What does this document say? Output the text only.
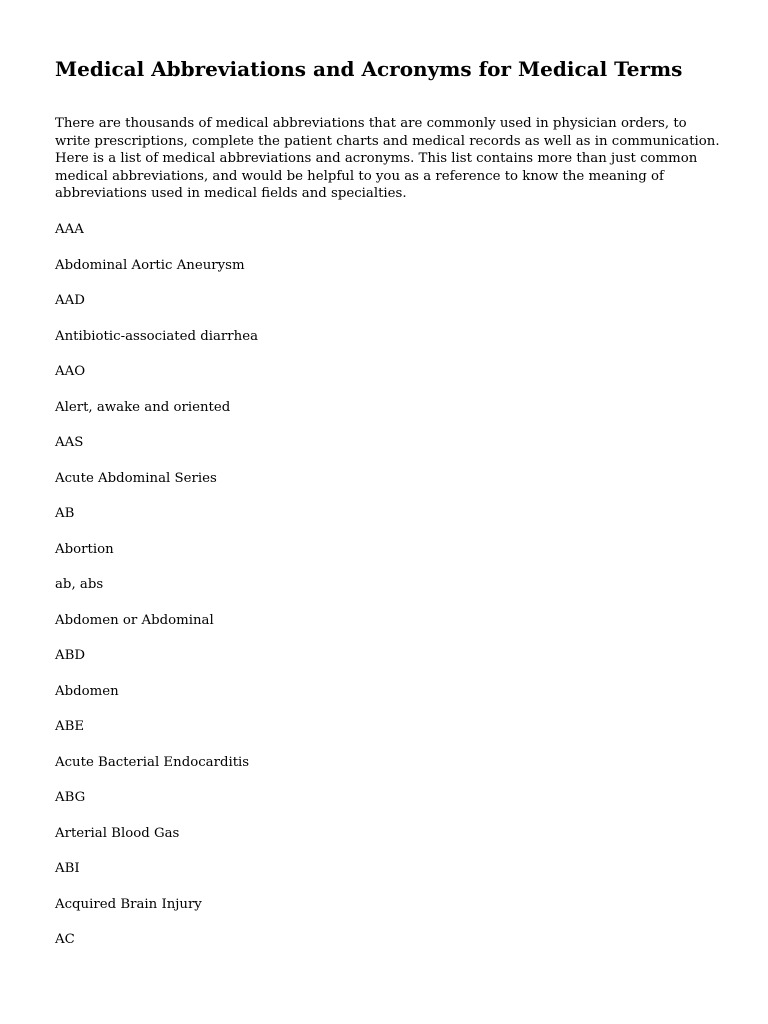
Medical Abbreviations and Acronyms for Medical Terms

There are thousands of medical abbreviations that are commonly used in physician orders, to write prescriptions, complete the patient charts and medical records as well as in communication. Here is a list of medical abbreviations and acronyms. This list contains more than just common medical abbreviations, and would be helpful to you as a reference to know the meaning of abbreviations used in medical fields and specialties.

AAA
Abdominal Aortic Aneurysm
AAD
Antibiotic-associated diarrhea
AAO
Alert, awake and oriented
AAS
Acute Abdominal Series
AB
Abortion
ab, abs
Abdomen or Abdominal
ABD
Abdomen
ABE
Acute Bacterial Endocarditis
ABG
Arterial Blood Gas
ABI
Acquired Brain Injury
AC
